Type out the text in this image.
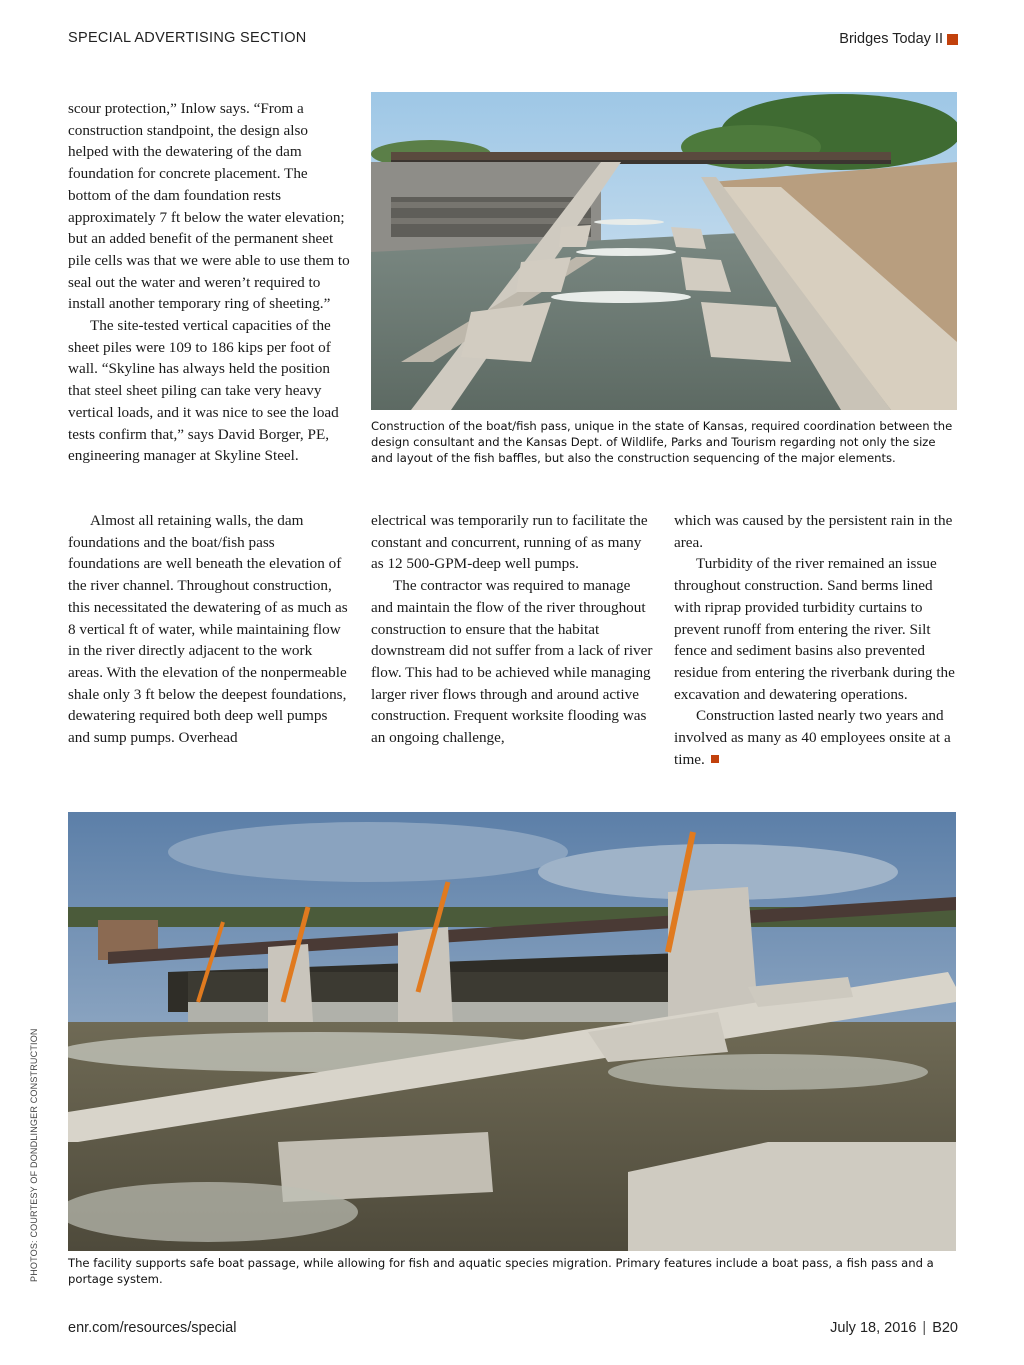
SPECIAL ADVERTISING SECTION	Bridges Today II

scour protection,” Inlow says. “From a construction standpoint, the design also helped with the dewatering of the dam foundation for concrete placement. The bottom of the dam foundation rests approximately 7 ft below the water elevation; but an added benefit of the permanent sheet pile cells was that we were able to use them to seal out the water and weren’t required to install another temporary ring of sheeting.”

The site-tested vertical capacities of the sheet piles were 109 to 186 kips per foot of wall. “Skyline has always held the position that steel sheet piling can take very heavy vertical loads, and it was nice to see the load tests confirm that,” says David Borger, PE, engineering manager at Skyline Steel.

Construction of the boat/fish pass, unique in the state of Kansas, required coordination between the design consultant and the Kansas Dept. of Wildlife, Parks and Tourism regarding not only the size and layout of the fish baffles, but also the construction sequencing of the major elements.

Almost all retaining walls, the dam foundations and the boat/fish pass foundations are well beneath the elevation of the river channel. Throughout construction, this necessitated the dewatering of as much as 8 vertical ft of water, while maintaining flow in the river directly adjacent to the work areas. With the elevation of the nonpermeable shale only 3 ft below the deepest foundations, dewatering required both deep well pumps and sump pumps. Overhead

electrical was temporarily run to facilitate the constant and concurrent, running of as many as 12 500-GPM-deep well pumps.

The contractor was required to manage and maintain the flow of the river throughout construction to ensure that the habitat downstream did not suffer from a lack of river flow. This had to be achieved while managing larger river flows through and around active construction. Frequent worksite flooding was an ongoing challenge,

which was caused by the persistent rain in the area.

Turbidity of the river remained an issue throughout construction. Sand berms lined with riprap provided turbidity curtains to prevent runoff from entering the river. Silt fence and sediment basins also prevented residue from entering the riverbank during the excavation and dewatering operations.

Construction lasted nearly two years and involved as many as 40 employees onsite at a time.

The facility supports safe boat passage, while allowing for fish and aquatic species migration. Primary features include a boat pass, a fish pass and a portage system.
PHOTOS: COURTESY OF DONDLINGER CONSTRUCTION
enr.com/resources/special	July 18, 2016 | B20
